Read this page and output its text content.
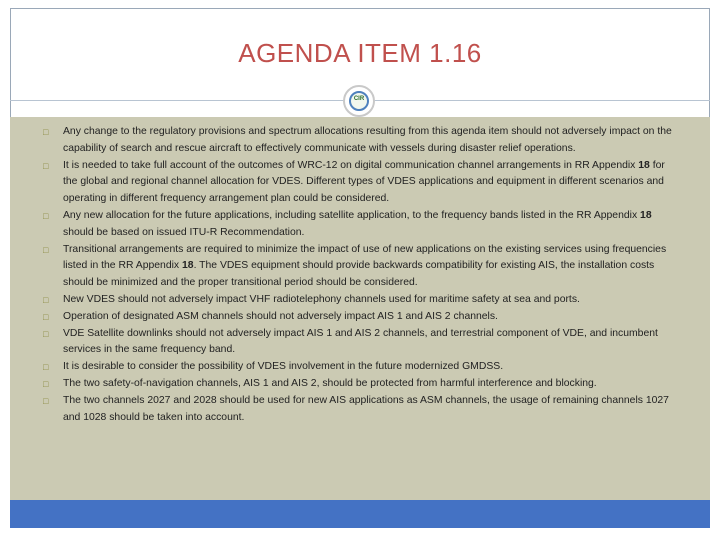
AGENDA ITEM 1.16
CIR
□ Any change to the regulatory provisions and spectrum allocations resulting from this agenda item should not adversely impact on the capability of search and rescue aircraft to effectively communicate with vessels during disaster relief operations.
□ It is needed to take full account of the outcomes of WRC-12 on digital communication channel arrangements in RR Appendix 18 for the global and regional channel allocation for VDES. Different types of VDES applications and equipment in different scenarios and operating in different frequency arrangement plan could be considered.
□ Any new allocation for the future applications, including satellite application, to the frequency bands listed in the RR Appendix 18 should be based on issued ITU-R Recommendation.
□ Transitional arrangements are required to minimize the impact of use of new applications on the existing services using frequencies listed in the RR Appendix 18. The VDES equipment should provide backwards compatibility for existing AIS, the installation costs should be minimized and the proper transitional period should be considered.
□ New VDES should not adversely impact VHF radiotelephony channels used for maritime safety at sea and ports.
□ Operation of designated ASM channels should not adversely impact AIS 1 and AIS 2 channels.
□ VDE Satellite downlinks should not adversely impact AIS 1 and AIS 2 channels, and terrestrial component of VDE, and incumbent services in the same frequency band.
□ It is desirable to consider the possibility of VDES involvement in the future modernized GMDSS.
□ The two safety-of-navigation channels, AIS 1 and AIS 2, should be protected from harmful interference and blocking.
□ The two channels 2027 and 2028 should be used for new AIS applications as ASM channels, the usage of remaining channels 1027 and 1028 should be taken into account.
